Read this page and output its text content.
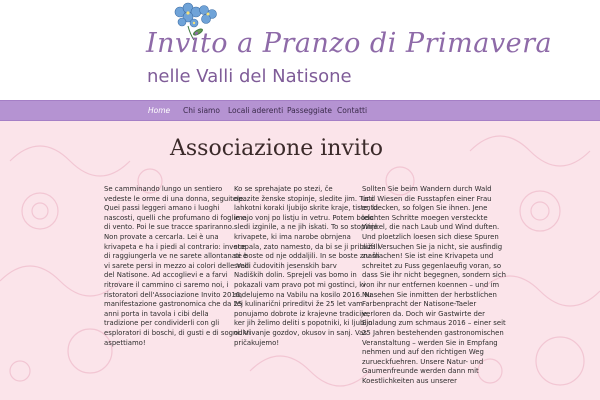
Invito a Pranzo di Primavera
nelle Valli del Natisone
Home Chi siamo Locali aderenti Passeggiate Contatti
Associazione invito
Se camminando lungo un sentiero
vedeste le orme di una donna, seguitele.
Quei passi leggeri amano i luoghi
nascosti, quelli che profumano di foglie e
di vento. Poi le sue tracce spariranno.
Non provate a cercarla. Lei è una
krivapeta e ha i piedi al contrario: invece
di raggiungerla ve ne sarete allontanati e
vi sarete persi in mezzo ai colori delle Valli
del Natisone. Ad accoglievi e a farvi
ritrovare il cammino ci saremo noi, i
ristoratori dell'Associazione Invito 2016,
manifestazione gastronomica che da 25
anni porta in tavola i cibi della
tradizione per condividerli con gli
esploratori di boschi, di gusti e di sogni. Vi
aspettiamo!
Ko se sprehajate po stezi, če
opazite ženske stopinje, sledite jim. Tisti
lahkotni koraki ljubijo skrite kraje, tiste, ki
imajo vonj po listju in vetru. Potem bodo
sledi izginile, a ne jih iskati. To so stopinje
krivapete, ki ima narobe obrnjena
stopala, zato namesto, da bi se ji približali
se boste od nje oddaljili. In se boste znašli
sredi čudovitih jesenskih barv
Nadiških dolin. Sprejeli vas bomo in
pokazali vam pravo pot mi gostinci, ki
sodelujemo na Vabilu na kosilo 2016. Na
tej kulinarični prireditvi že 25 let vam
ponujamo dobrote iz krajevne tradicije,
ker jih želimo deliti s popotniki, ki ljubijo
odkrivanje gozdov, okusov in sanj. Vas
pričakujemo!
Sollten Sie beim Wandern durch Wald
und Wiesen die Fusstapfen einer Frau
entdecken, so folgen Sie ihnen. Jene
leichten Schritte moegen versteckte
Winkel, die nach Laub und Wind duften.
Und ploetzlich loesen sich diese Spuren
auf! Versuchen Sie ja nicht, sie ausfindig
zu machen! Sie ist eine Krivapeta und
schreitet zu Fuss gegenlaeufig voran, so
dass Sie ihr nicht begegnen, sondern sich
von ihr nur entfernen koennen – und im
Nu sehen Sie inmitten der herbstlichen
Farbenpracht der Natisone-Taeler
verloren da. Doch wir Gastwirte der
Einladung zum schmaus 2016 – einer seit
25 Jahren bestehenden gastronomischen
Veranstaltung – werden Sie in Empfang
nehmen und auf den richtigen Weg
zurueckfuehren. Unsere Natur- und
Gaumenfreunde werden dann mit
Koestlichkeiten aus unserer
